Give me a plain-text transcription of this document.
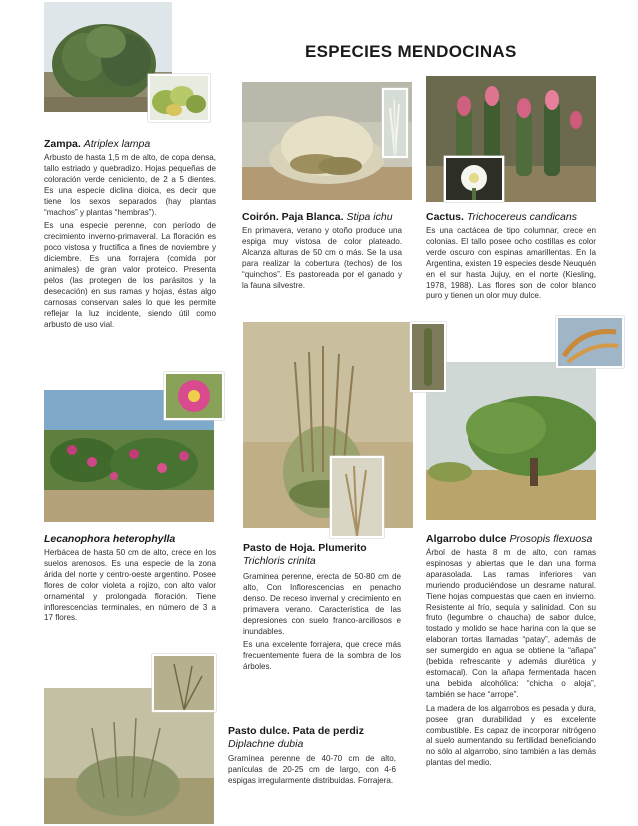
ESPECIES MENDOCINAS
Zampa. Atriplex lampa

Arbusto de hasta 1,5 m de alto, de copa densa, tallo estriado y quebradizo. Hojas pequeñas de coloración verde ceniciento, de 2 a 5 dientes. Es una especie diclina dioica, es decir que tiene los sexos separados (hay plantas “machos” y plantas “hembras”).

Es una especie perenne, con período de crecimiento inverno-primaveral. La floración es poco vistosa y fructifica a fines de noviembre y diciembre. Es una forrajera (comida por animales) de gran valor proteico. Presenta pelos (las protegen de los parásitos y la desecación) en sus ramas y hojas, éstas algo carnosas conservan sales lo que les permite reflejar la luz incidente, siendo útil como arbusto de uso vial.

Coirón. Paja Blanca. Stipa ichu

En primavera, verano y otoño produce una espiga muy vistosa de color plateado. Alcanza alturas de 50 cm o más. Se la usa para realizar la cobertura (techos) de los “quinchos”. Es pastoreada por el ganado y la fauna silvestre.

Cactus. Trichocereus candicans

Es una cactácea de tipo columnar, crece en colonias. El tallo posee ocho costillas es color verde oscuro con espinas amarillentas. En la Argentina, existen 19 especies desde Neuquén en el sur hasta Jujuy, en el norte (Kiesling, 1978, 1988). Las flores son de color blanco puro y tienen un olor muy dulce.

Lecanophora heterophylla

Herbácea de hasta 50 cm de alto, crece en los suelos arenosos. Es una especie de la zona árida del norte y centro-oeste argentino. Posee flores de color violeta a rojizo, con alto valor ornamental y prolongada floración. Tiene inflorescencias terminales, en número de 3 a 17 flores.

Pasto de Hoja. Plumerito
Trichloris crinita

Graminea perenne, erecta de 50-80 cm de alto, Con Inflorescencias en penacho denso. De receso invernal y crecimiento en primavera verano. Característica de las depresiones con suelo franco-arcillosos e inundables.

Es una excelente forrajera, que crece más frecuentemente fuera de la sombra de los árboles.

Algarrobo dulce Prosopis flexuosa

Árbol de hasta 8 m de alto, con ramas espinosas y abiertas que le dan una forma aparasolada. Las ramas inferiores van muriendo produciéndose un desrame natural. Tiene hojas compuestas que caen en invierno. Resistente al frío, sequía y salinidad. Con su fruto (legumbre o chaucha) de sabor dulce, tostado y molido se hace harina con la que se elaboran tortas llamadas “patay”, además de ser sumergido en agua se obtiene la “añapa” (bebida refrescante y además diurética y estomacal). Con la añapa fermentada hacen una bebida alcohólica: “chicha o aloja”, también se hace “arrope”.

La madera de los algarrobos es pesada y dura, posee gran durabilidad y es excelente combustible. Es capaz de incorporar nitrógeno al suelo aumentando su fertilidad beneficiando no sólo al algarrobo, sino también a las demás plantas del medio.

Pasto dulce. Pata de perdiz
Diplachne dubia

Gramínea perenne de 40-70 cm de alto, panículas de 20-25 cm de largo, con 4-6 espigas irregularmente distribuidas. Forrajera.
